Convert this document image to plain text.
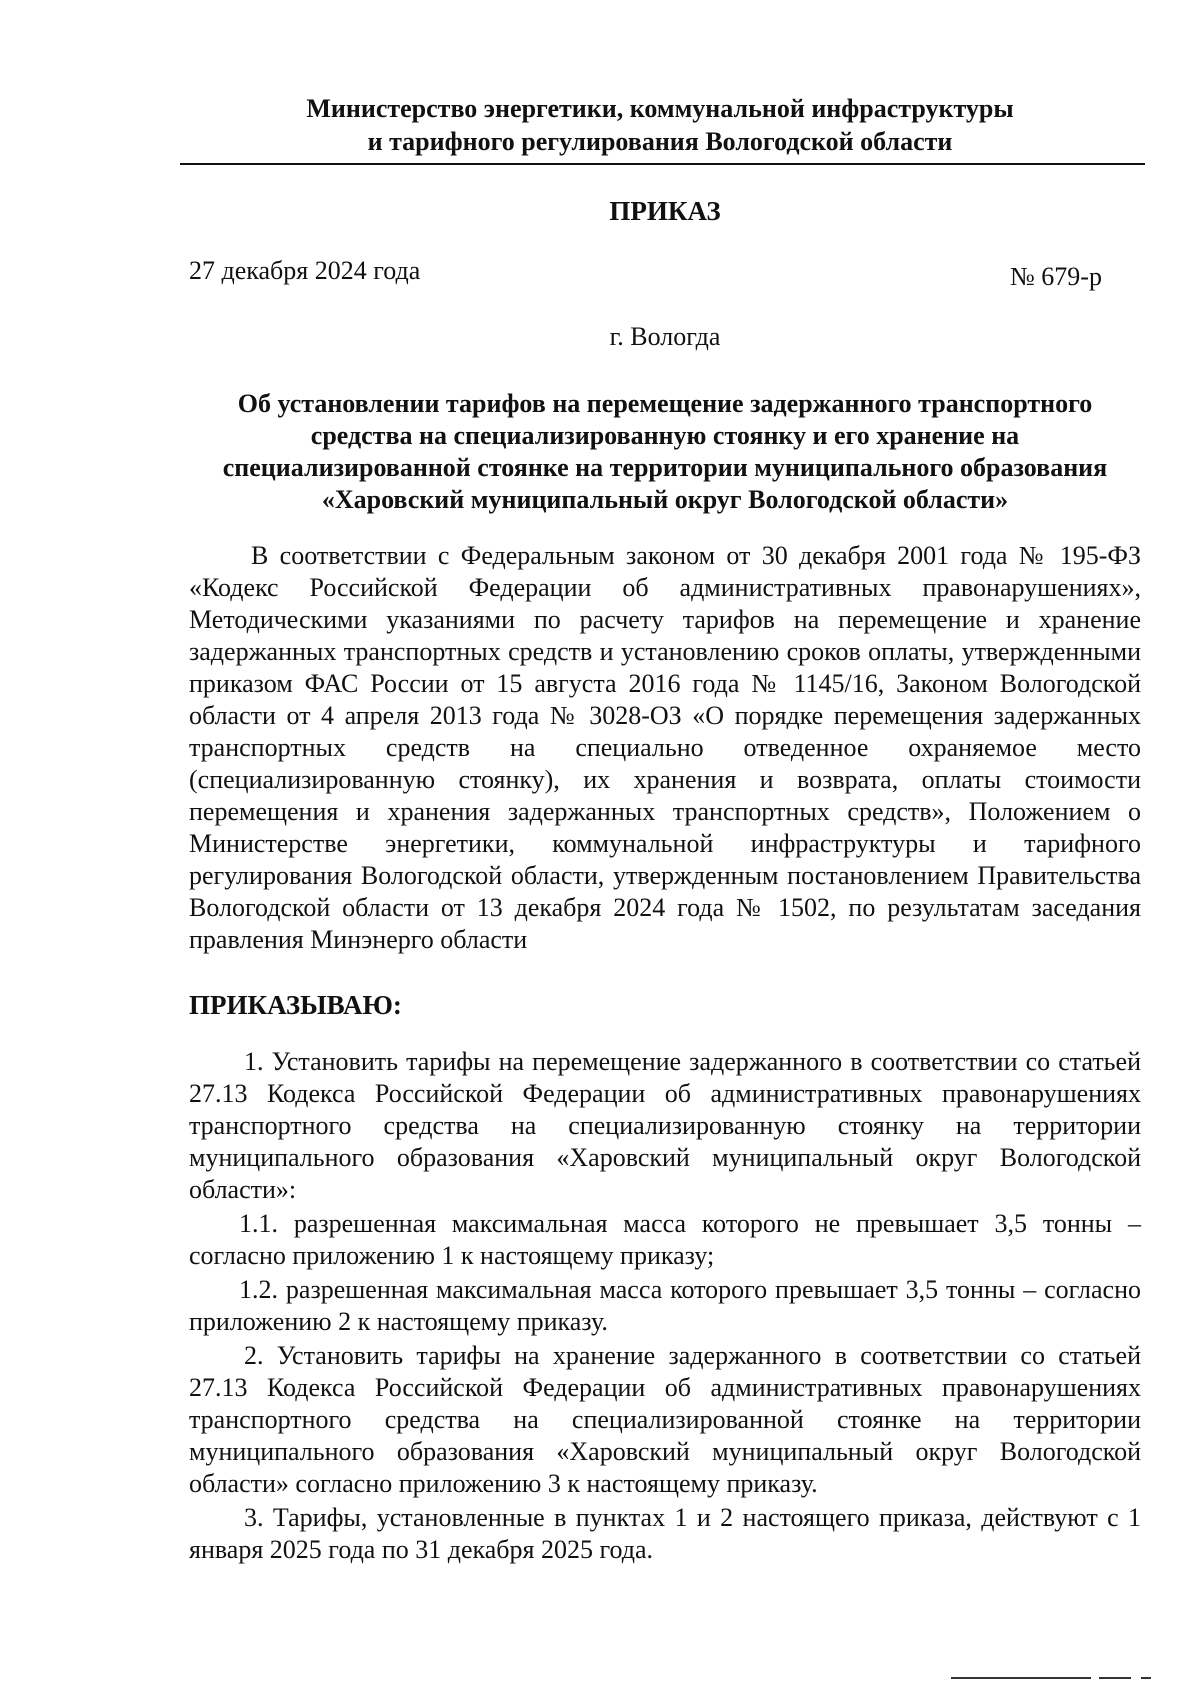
Министерство энергетики, коммунальной инфраструктуры
и тарифного регулирования Вологодской области
ПРИКАЗ
27 декабря 2024 года	№ 679-р
г. Вологда
Об установлении тарифов на перемещение задержанного транспортного
средства на специализированную стоянку и его хранение на
специализированной стоянке на территории муниципального образования
«Харовский муниципальный округ Вологодской области»

В соответствии с Федеральным законом от 30 декабря 2001 года № 195-ФЗ «Кодекс Российской Федерации об административных правонарушениях», Методическими указаниями по расчету тарифов на перемещение и хранение задержанных транспортных средств и установлению сроков оплаты, утвержденными приказом ФАС России от 15 августа 2016 года № 1145/16, Законом Вологодской области от 4 апреля 2013 года № 3028-ОЗ «О порядке перемещения задержанных транспортных средств на специально отведенное охраняемое место (специализированную стоянку), их хранения и возврата, оплаты стоимости перемещения и хранения задержанных транспортных средств», Положением о Министерстве энергетики, коммунальной инфраструктуры и тарифного регулирования Вологодской области, утвержденным постановлением Правительства Вологодской области от 13 декабря 2024 года № 1502, по результатам заседания правления Минэнерго области

ПРИКАЗЫВАЮ:

1. Установить тарифы на перемещение задержанного в соответствии со статьей 27.13 Кодекса Российской Федерации об административных правонарушениях транспортного средства на специализированную стоянку на территории муниципального образования «Харовский муниципальный округ Вологодской области»:

1.1. разрешенная максимальная масса которого не превышает 3,5 тонны – согласно приложению 1 к настоящему приказу;

1.2. разрешенная максимальная масса которого превышает 3,5 тонны – согласно приложению 2 к настоящему приказу.

2. Установить тарифы на хранение задержанного в соответствии со статьей 27.13 Кодекса Российской Федерации об административных правонарушениях транспортного средства на специализированной стоянке на территории муниципального образования «Харовский муниципальный округ Вологодской области» согласно приложению 3 к настоящему приказу.

3. Тарифы, установленные в пунктах 1 и 2 настоящего приказа, действуют с 1 января 2025 года по 31 декабря 2025 года.
